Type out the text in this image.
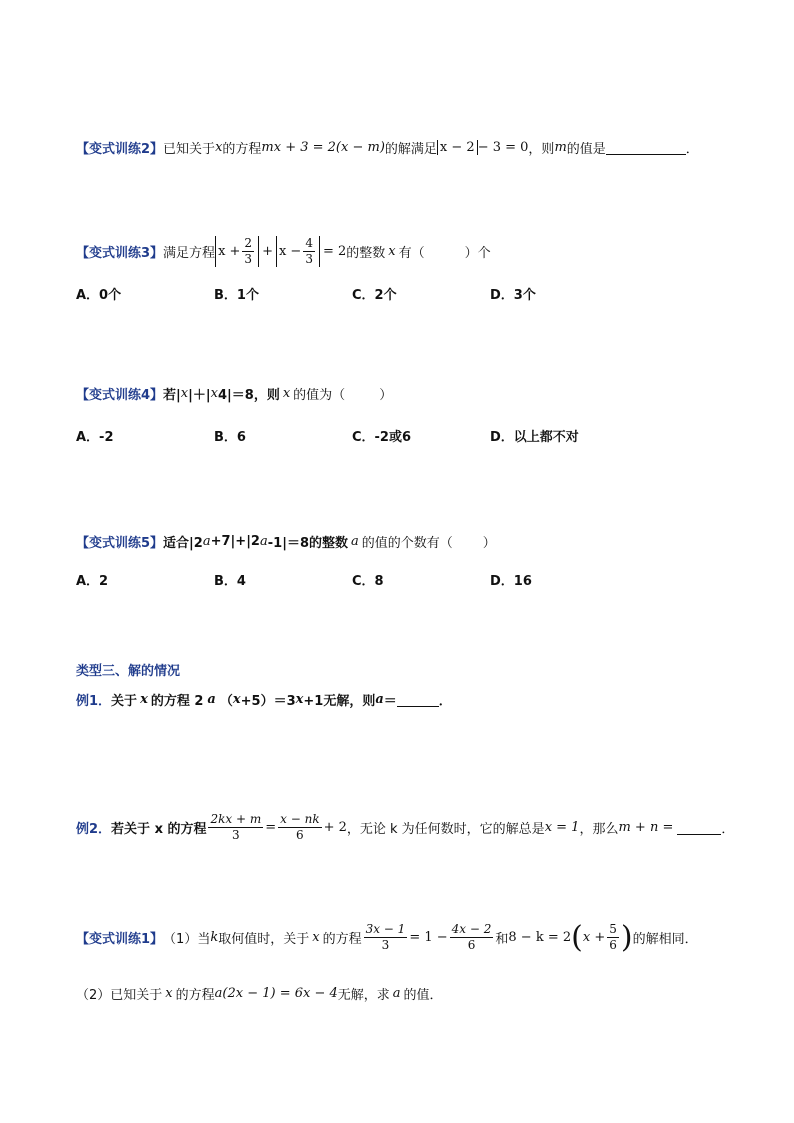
【变式训练2】 已知关于 x 的方程 mx + 3 = 2(x − m) 的解满足 x − 2 − 3 = 0 ，则 m 的值是	．
【变式训练3】 满足方程 $x + \frac{2}{3} + x - \frac{4}{3} = 2$ 的整数 x 有（	）个
A．0个	B．1个	C．2个	D．3个
【变式训练4】 若| x |＋| x 4|＝8，则 x 的值为（	）
A．-2	B．6	C．-2或6	D．以上都不对
【变式训练5】 适合|2 a +7|+|2 a -1|＝8的整数 a 的值的个数有（ ）
A．2	B．4	C．8	D．16
类型三、解的情况
例1． 关于 x 的方程 2 a （ x +5）＝3 x +1无解，则 a ＝	．
例2． 若关于 x 的方程 $\frac{2kx + m}{3} = \frac{x - nk}{6} + 2$ ，无论 k 为任何数时，它的解总是 x = 1 ，那么 m + n =	．
【变式训练1】 （1）当 k 取何值时，关于 x 的方程 $\frac{3x - 1}{3} = 1 - \frac{4x - 2}{6}$ 和 8 − k = 2 ( $x + \frac{5}{6}$ ) 的解相同．
（2）已知关于 x 的方程 a(2x − 1) = 6x − 4 无解，求 a 的值．
